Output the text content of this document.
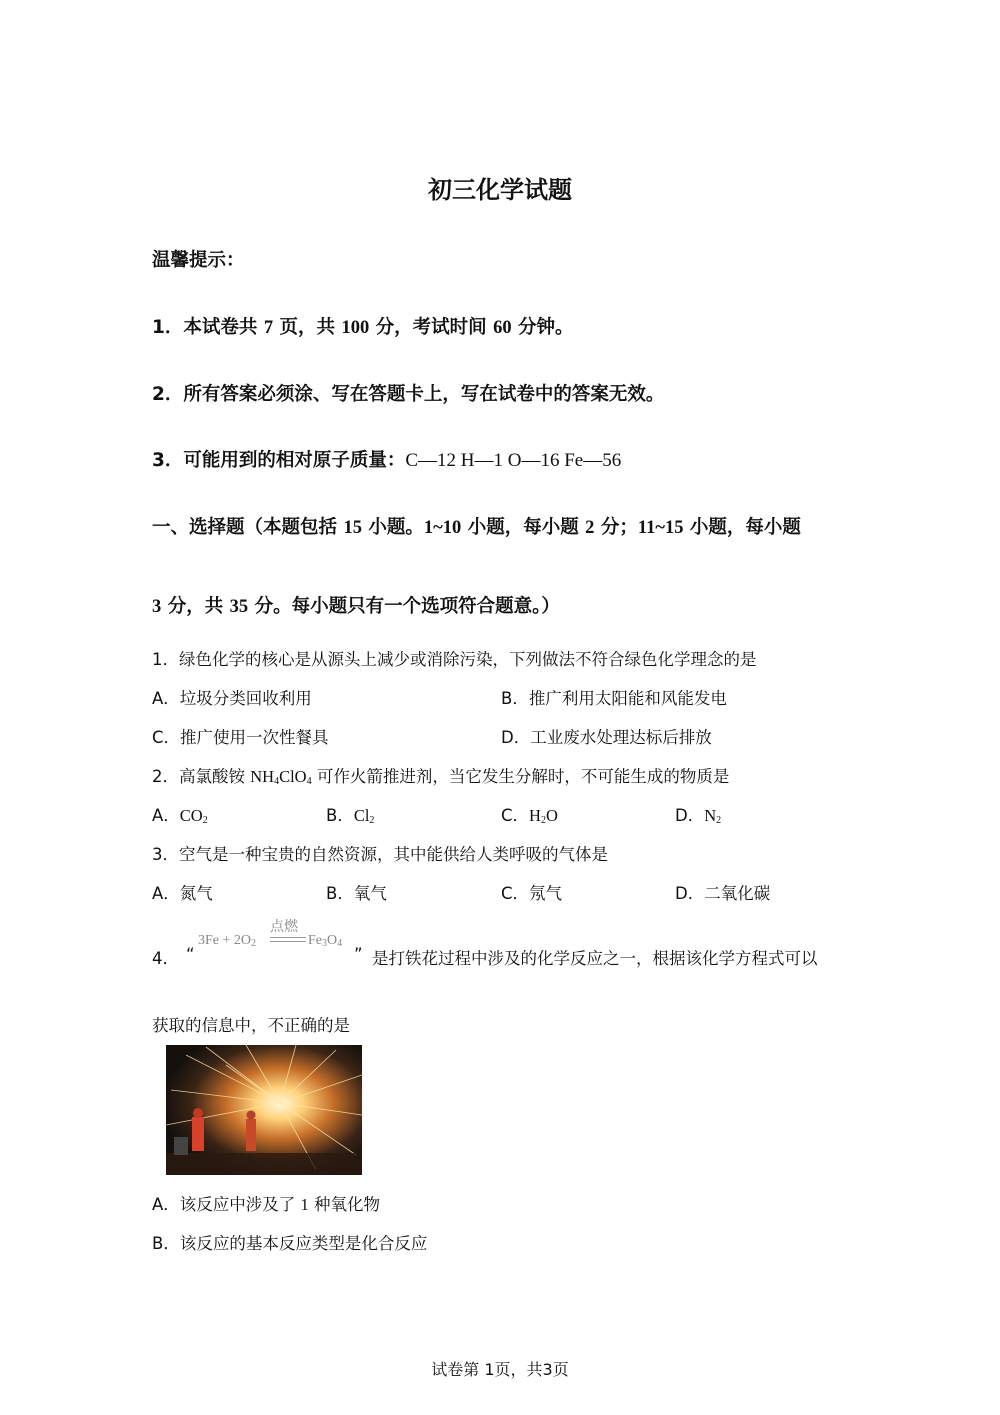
初三化学试题
温馨提示：
1．本试卷共 7 页，共 100 分，考试时间 60 分钟。
2．所有答案必须涂、写在答题卡上，写在试卷中的答案无效。
3．可能用到的相对原子质量：C—12 H—1 O—16 Fe—56
一、选择题（本题包括 15 小题。1~10 小题，每小题 2 分；11~15 小题，每小题
3 分，共 35 分。每小题只有一个选项符合题意。）
1．绿色化学的核心是从源头上减少或消除污染，下列做法不符合绿色化学理念的是
A．垃圾分类回收利用	B．推广利用太阳能和风能发电
C．推广使用一次性餐具	D．工业废水处理达标后排放
2．高氯酸铵 $NH_4ClO_4$ 可作火箭推进剂，当它发生分解时，不可能生成的物质是
A．$CO_2$	B．$Cl_2$	C．$H_2O$	D．$N_2$
3．空气是一种宝贵的自然资源，其中能供给人类呼吸的气体是
A．氮气	B．氧气	C．氖气	D．二氧化碳
4． “
$3Fe + 2O_2$
点燃
$Fe_3O_4$
” 是打铁花过程中涉及的化学反应之一，根据该化学方程式可以
获取的信息中，不正确的是
A．该反应中涉及了 1 种氧化物
B．该反应的基本反应类型是化合反应
试卷第 1页，共3页
